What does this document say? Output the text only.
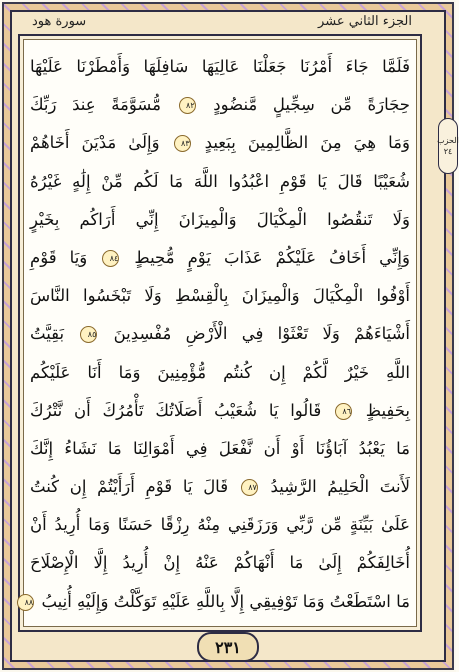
الجزء الثاني عشر
سورة هود
الحزب
٢٤
فَلَمَّا جَاءَ أَمْرُنَا جَعَلْنَا عَالِيَهَا سَافِلَهَا وَأَمْطَرْنَا عَلَيْهَا
حِجَارَةً مِّن سِجِّيلٍ مَّنضُودٍ ٨٢ مُّسَوَّمَةً عِندَ رَبِّكَ
وَمَا هِيَ مِنَ الظَّالِمِينَ بِبَعِيدٍ ٨٣ وَإِلَىٰ مَدْيَنَ أَخَاهُمْ
شُعَيْبًا قَالَ يَا قَوْمِ اعْبُدُوا اللَّهَ مَا لَكُم مِّنْ إِلَٰهٍ غَيْرُهُ
وَلَا تَنقُصُوا الْمِكْيَالَ وَالْمِيزَانَ إِنِّي أَرَاكُم بِخَيْرٍ
وَإِنِّي أَخَافُ عَلَيْكُمْ عَذَابَ يَوْمٍ مُّحِيطٍ ٨٤ وَيَا قَوْمِ
أَوْفُوا الْمِكْيَالَ وَالْمِيزَانَ بِالْقِسْطِ وَلَا تَبْخَسُوا النَّاسَ
أَشْيَاءَهُمْ وَلَا تَعْثَوْا فِي الْأَرْضِ مُفْسِدِينَ ٨٥ بَقِيَّتُ
اللَّهِ خَيْرٌ لَّكُمْ إِن كُنتُم مُّؤْمِنِينَ وَمَا أَنَا عَلَيْكُم
بِحَفِيظٍ ٨٦ قَالُوا يَا شُعَيْبُ أَصَلَاتُكَ تَأْمُرُكَ أَن نَّتْرُكَ
مَا يَعْبُدُ آبَاؤُنَا أَوْ أَن نَّفْعَلَ فِي أَمْوَالِنَا مَا نَشَاءُ إِنَّكَ
لَأَنتَ الْحَلِيمُ الرَّشِيدُ ٨٧ قَالَ يَا قَوْمِ أَرَأَيْتُمْ إِن كُنتُ
عَلَىٰ بَيِّنَةٍ مِّن رَّبِّي وَرَزَقَنِي مِنْهُ رِزْقًا حَسَنًا وَمَا أُرِيدُ أَنْ
أُخَالِفَكُمْ إِلَىٰ مَا أَنْهَاكُمْ عَنْهُ إِنْ أُرِيدُ إِلَّا الْإِصْلَاحَ
مَا اسْتَطَعْتُ وَمَا تَوْفِيقِي إِلَّا بِاللَّهِ عَلَيْهِ تَوَكَّلْتُ وَإِلَيْهِ أُنِيبُ ٨٨
٢٣١
